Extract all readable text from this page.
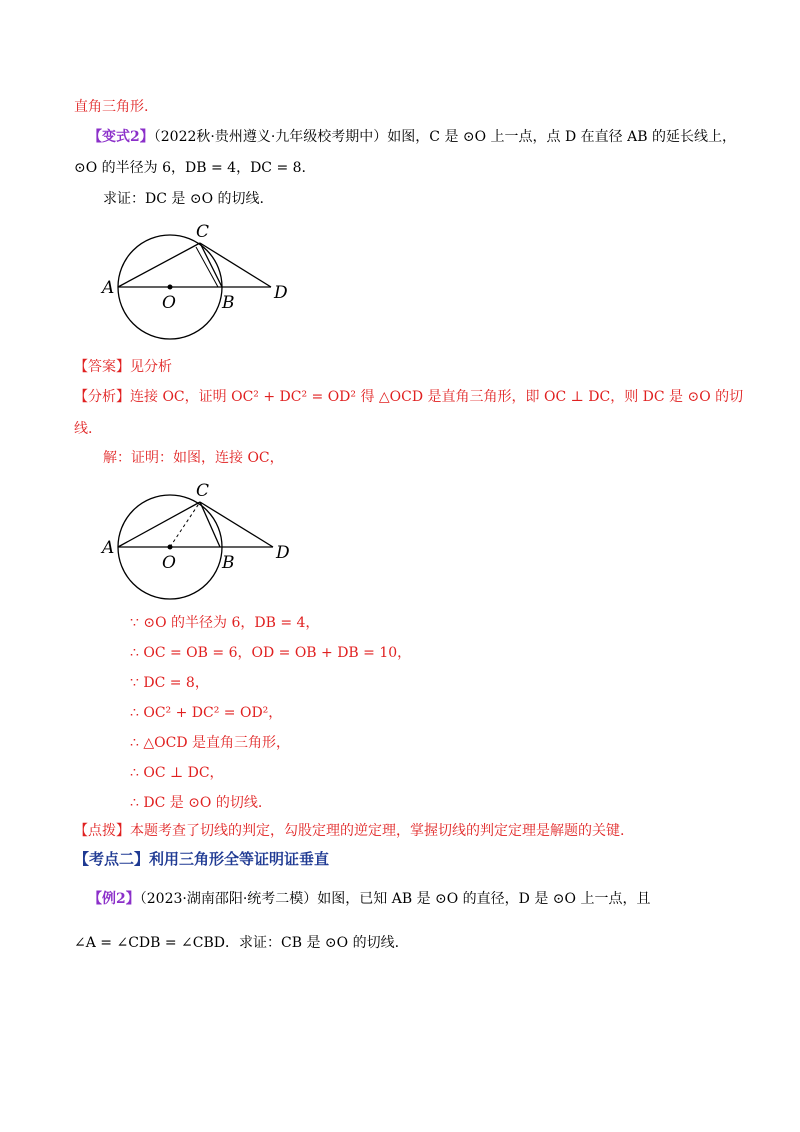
直角三角形.
【变式2】（2022秋·贵州遵义·九年级校考期中）如图，C 是 ⊙O 上一点，点 D 在直径 AB 的延长线上，
⊙O 的半径为 6，DB = 4，DC = 8.
求证：DC 是 ⊙O 的切线.
A
O	B
C
D
【答案】见分析
【分析】连接 OC，证明 OC² + DC² = OD² 得 △OCD 是直角三角形，即 OC ⊥ DC，则 DC 是 ⊙O 的切
线.
解：证明：如图，连接 OC，
A
O	B
C
D
∵ ⊙O 的半径为 6，DB = 4，
∴ OC = OB = 6，OD = OB + DB = 10，
∵ DC = 8，
∴ OC² + DC² = OD²，
∴ △OCD 是直角三角形，
∴ OC ⊥ DC，
∴ DC 是 ⊙O 的切线.
【点拨】本题考查了切线的判定，勾股定理的逆定理，掌握切线的判定定理是解题的关键.
【考点二】利用三角形全等证明证垂直
【例2】（2023·湖南邵阳·统考二模）如图，已知 AB 是 ⊙O 的直径，D 是 ⊙O 上一点，且
∠A = ∠CDB = ∠CBD．求证：CB 是 ⊙O 的切线.
